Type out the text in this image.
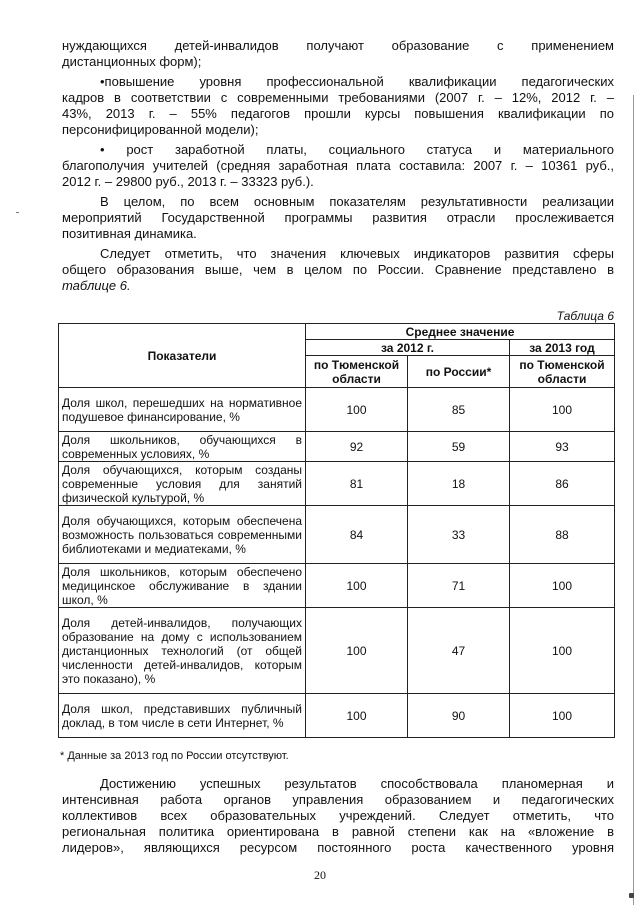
нуждающихся детей-инвалидов получают образование с применением
дистанционных форм);
•повышение уровня профессиональной квалификации педагогических
кадров в соответствии с современными требованиями (2007 г. – 12%, 2012 г. –
43%, 2013 г. – 55% педагогов прошли курсы повышения квалификации по
персонифицированной модели);
• рост заработной платы, социального статуса и материального
благополучия учителей (средняя заработная плата составила: 2007 г. – 10361 руб.,
2012 г. – 29800 руб., 2013 г. – 33323 руб.).
В целом, по всем основным показателям результативности реализации
мероприятий Государственной программы развития отрасли прослеживается
позитивная динамика.
Следует отметить, что значения ключевых индикаторов развития сферы
общего образования выше, чем в целом по России. Сравнение представлено в
таблице 6.
Таблица 6
Показатели	Среднее значение		
	за 2012 г.		за 2013 год
	по Тюменской области	по России*	по Тюменской области
Доля школ, перешедших на нормативное подушевое финансирование, %	100	85	100
Доля школьников, обучающихся в современных условиях, %	92	59	93
Доля обучающихся, которым созданы современные условия для занятий физической культурой, %	81	18	86
Доля обучающихся, которым обеспечена возможность пользоваться современными библиотеками и медиатеками, %	84	33	88
Доля школьников, которым обеспечено медицинское обслуживание в здании школ, %	100	71	100
Доля детей-инвалидов, получающих образование на дому с использованием дистанционных технологий (от общей численности детей-инвалидов, которым это показано), %	100	47	100
Доля школ, представивших публичный доклад, в том числе в сети Интернет, %	100	90	100
* Данные за 2013 год по России отсутствуют.
Достижению успешных результатов способствовала планомерная и
интенсивная работа органов управления образованием и педагогических
коллективов всех образовательных учреждений. Следует отметить, что
региональная политика ориентирована в равной степени как на «вложение в
лидеров», являющихся ресурсом постоянного роста качественного уровня
20
